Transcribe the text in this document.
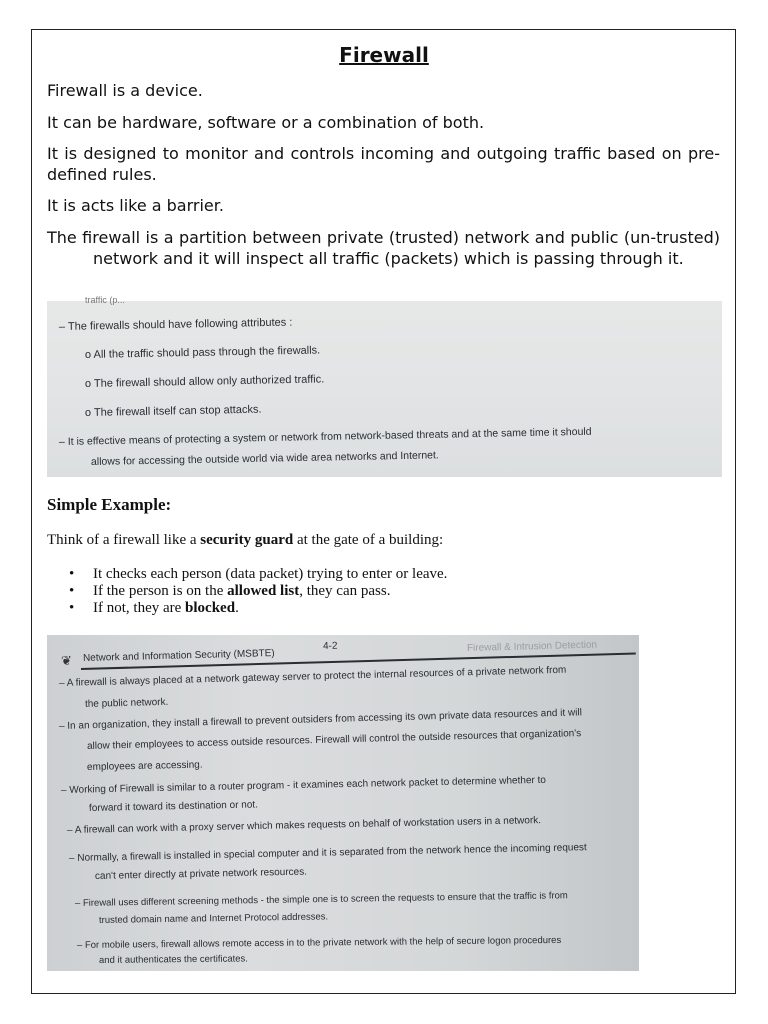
Firewall

Firewall is a device.

It can be hardware, software or a combination of both.

It is designed to monitor and controls incoming and outgoing traffic based on pre-defined rules.

It is acts like a barrier.

The firewall is a partition between private (trusted) network and public (un-trusted) network and it will inspect all traffic (packets) which is passing through it.

traffic (p...
– The firewalls should have following attributes :
o All the traffic should pass through the firewalls.
o The firewall should allow only authorized traffic.
o The firewall itself can stop attacks.
– It is effective means of protecting a system or network from network-based threats and at the same time it should
allows for accessing the outside world via wide area networks and Internet.
Simple Example:
Think of a firewall like a security guard at the gate of a building:
• It checks each person (data packet) trying to enter or leave.
• If the person is on the allowed list, they can pass.
• If not, they are blocked.
❦ Network and Information Security (MSBTE)
4-2	Firewall & Intrusion Detection
– A firewall is always placed at a network gateway server to protect the internal resources of a private network from
the public network.
– In an organization, they install a firewall to prevent outsiders from accessing its own private data resources and it will
allow their employees to access outside resources. Firewall will control the outside resources that organization's
employees are accessing.
– Working of Firewall is similar to a router program - it examines each network packet to determine whether to
forward it toward its destination or not.
– A firewall can work with a proxy server which makes requests on behalf of workstation users in a network.
– Normally, a firewall is installed in special computer and it is separated from the network hence the incoming request
can't enter directly at private network resources.
– Firewall uses different screening methods - the simple one is to screen the requests to ensure that the traffic is from
trusted domain name and Internet Protocol addresses.
– For mobile users, firewall allows remote access in to the private network with the help of secure logon procedures
and it authenticates the certificates.
